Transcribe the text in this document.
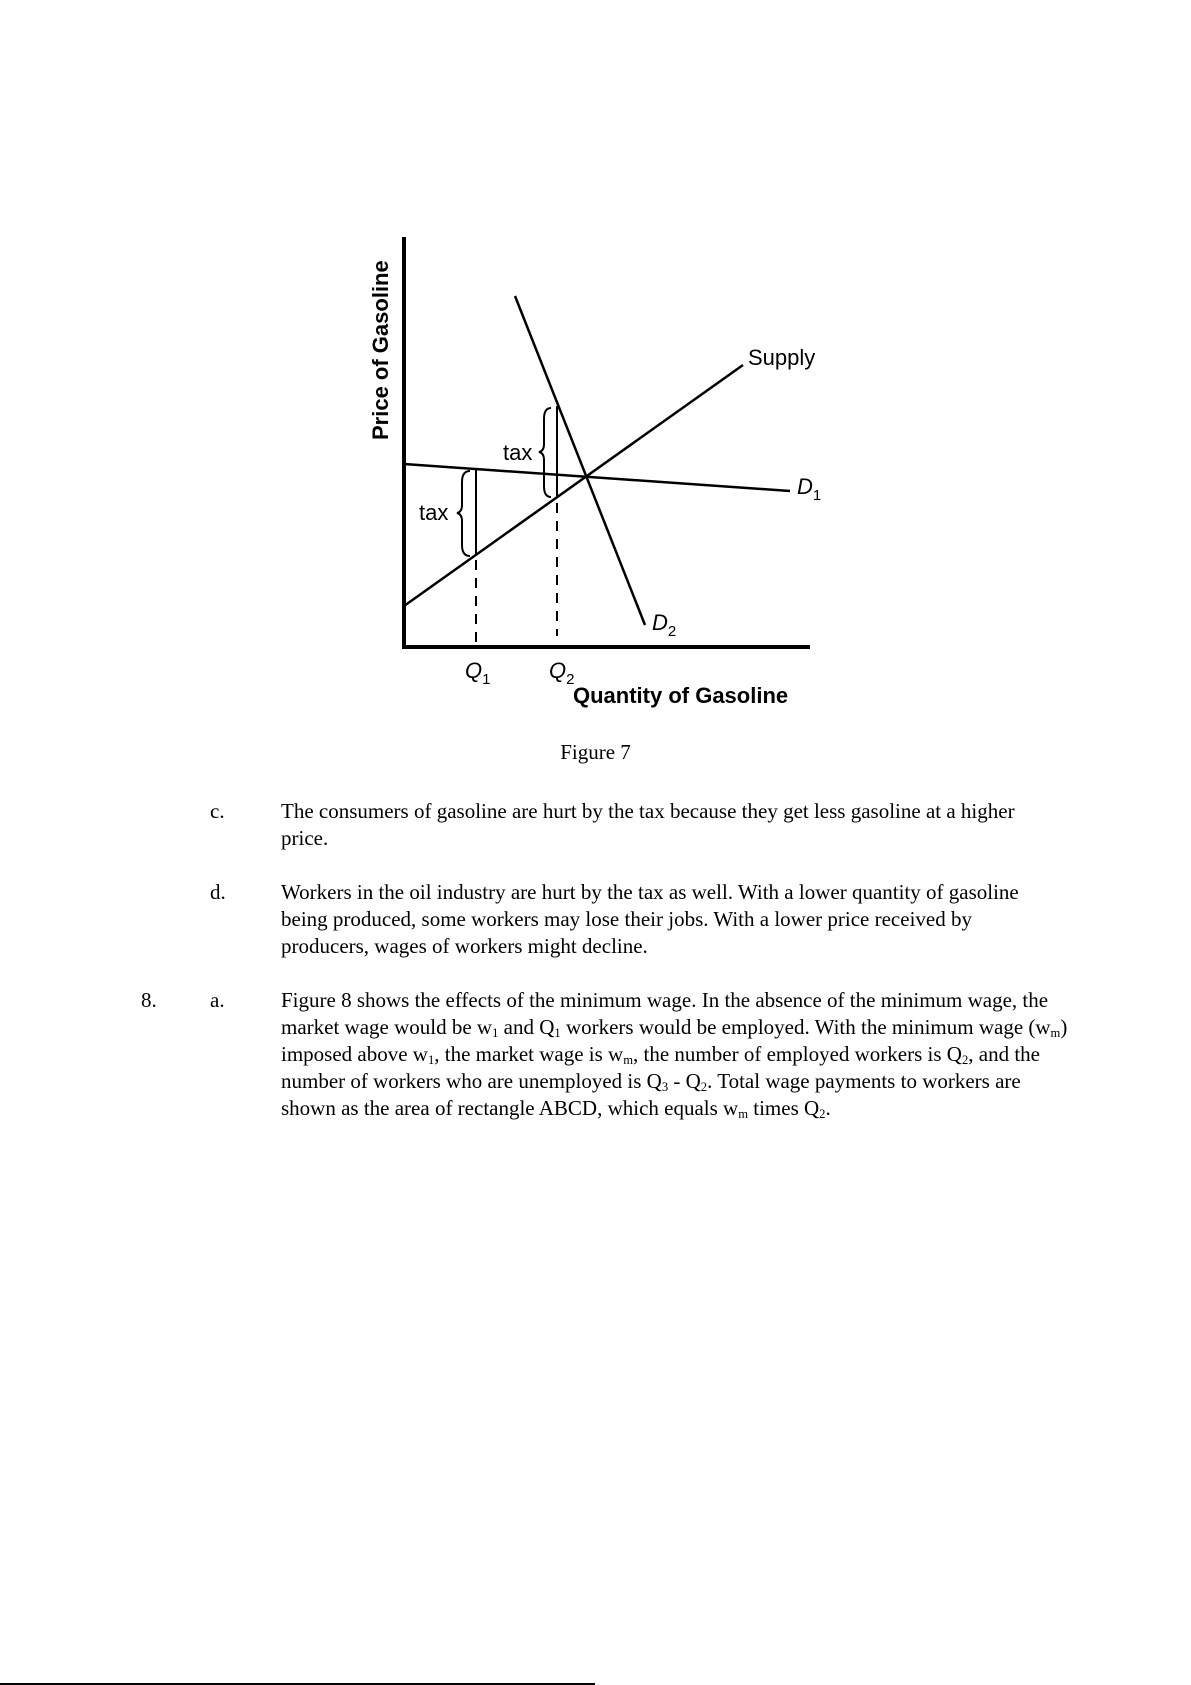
Price of Gasoline
Quantity of Gasoline
Supply
$D_1$
$D_2$
tax
tax
$Q_1$	$Q_2$
Figure 7
c.	The consumers of gasoline are hurt by the tax because they get less gasoline at a higher price.
d.	Workers in the oil industry are hurt by the tax as well. With a lower quantity of gasoline being produced, some workers may lose their jobs. With a lower price received by producers, wages of workers might decline.
8.	a.	Figure 8 shows the effects of the minimum wage. In the absence of the minimum wage, the market wage would be $w_1$ and $Q_1$ workers would be employed. With the minimum wage $(w_m)$ imposed above $w_1$, the market wage is $w_m$, the number of employed workers is $Q_2$, and the number of workers who are unemployed is $Q_3 - Q_2$. Total wage payments to workers are shown as the area of rectangle ABCD, which equals $w_m$ times $Q_2$.
